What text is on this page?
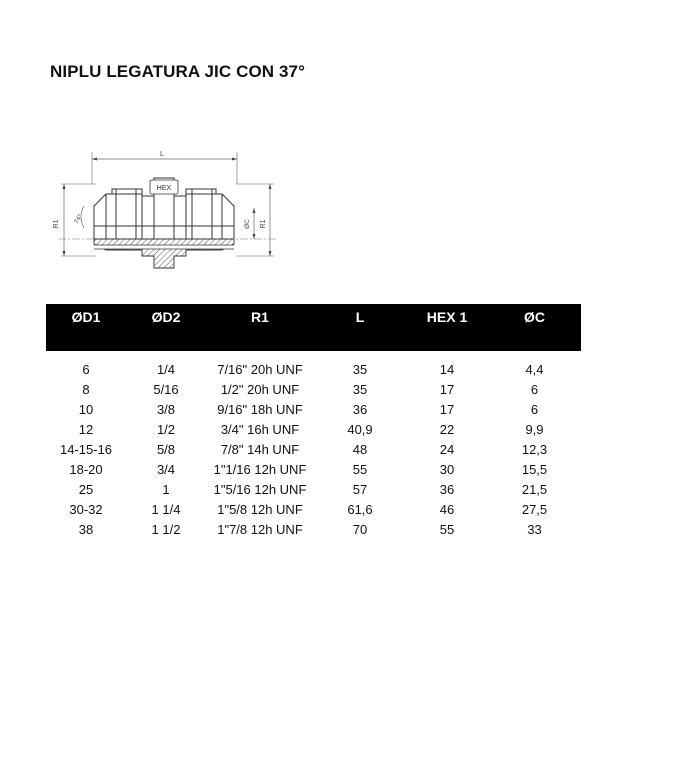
NIPLU LEGATURA JIC CON 37°
L
R1	R1
ØC
HEX
74°
ØD1	ØD2	R1	L	HEX 1	ØC

6	1/4	7/16" 20h UNF	35	14	4,4
8	5/16	1/2" 20h UNF	35	17	6
10	3/8	9/16" 18h UNF	36	17	6
12	1/2	3/4" 16h UNF	40,9	22	9,9
14-15-16	5/8	7/8" 14h UNF	48	24	12,3
18-20	3/4	1"1/16 12h UNF	55	30	15,5
25	1	1"5/16 12h UNF	57	36	21,5
30-32	1 1/4	1"5/8 12h UNF	61,6	46	27,5
38	1 1/2	1"7/8 12h UNF	70	55	33
